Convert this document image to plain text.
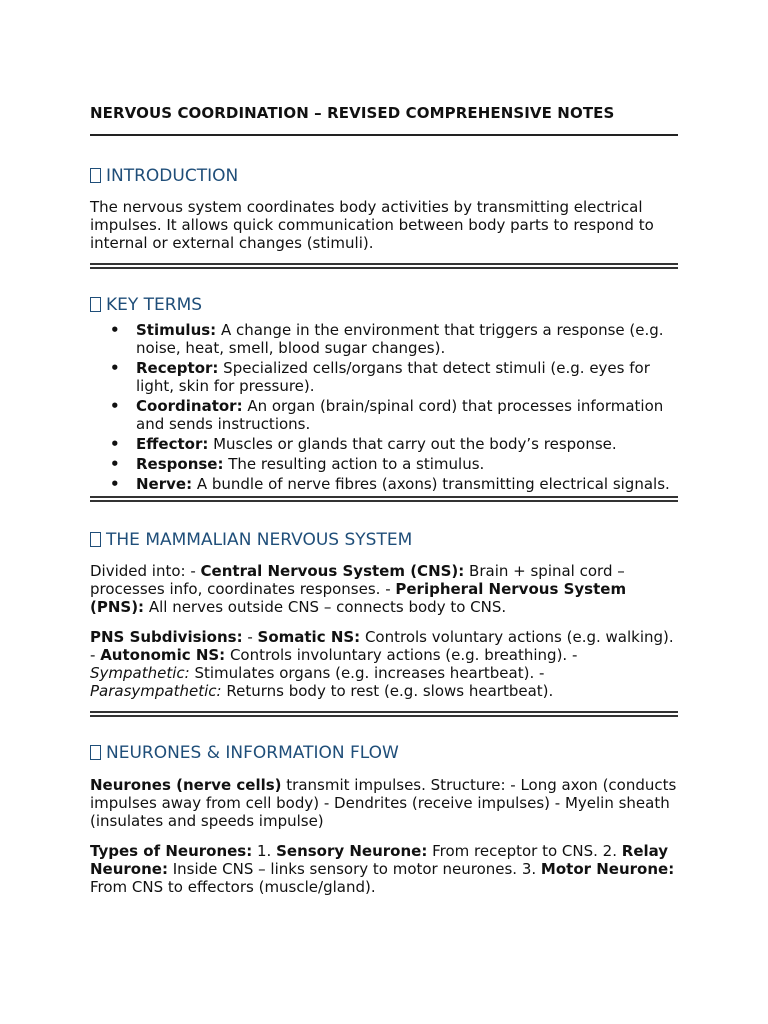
NERVOUS COORDINATION – REVISED COMPREHENSIVE NOTES
INTRODUCTION
The nervous system coordinates body activities by transmitting electrical impulses. It allows quick communication between body parts to respond to internal or external changes (stimuli).
KEY TERMS
• Stimulus: A change in the environment that triggers a response (e.g. noise, heat, smell, blood sugar changes).
• Receptor: Specialized cells/organs that detect stimuli (e.g. eyes for light, skin for pressure).
• Coordinator: An organ (brain/spinal cord) that processes information and sends instructions.
• Effector: Muscles or glands that carry out the body’s response.
• Response: The resulting action to a stimulus.
• Nerve: A bundle of nerve fibres (axons) transmitting electrical signals.
THE MAMMALIAN NERVOUS SYSTEM
Divided into: - Central Nervous System (CNS): Brain + spinal cord – processes info, coordinates responses. - Peripheral Nervous System (PNS): All nerves outside CNS – connects body to CNS.
PNS Subdivisions: - Somatic NS: Controls voluntary actions (e.g. walking). - Autonomic NS: Controls involuntary actions (e.g. breathing). - Sympathetic: Stimulates organs (e.g. increases heartbeat). - Parasympathetic: Returns body to rest (e.g. slows heartbeat).
NEURONES & INFORMATION FLOW
Neurones (nerve cells) transmit impulses. Structure: - Long axon (conducts impulses away from cell body) - Dendrites (receive impulses) - Myelin sheath (insulates and speeds impulse)
Types of Neurones: 1. Sensory Neurone: From receptor to CNS. 2. Relay Neurone: Inside CNS – links sensory to motor neurones. 3. Motor Neurone: From CNS to effectors (muscle/gland).
